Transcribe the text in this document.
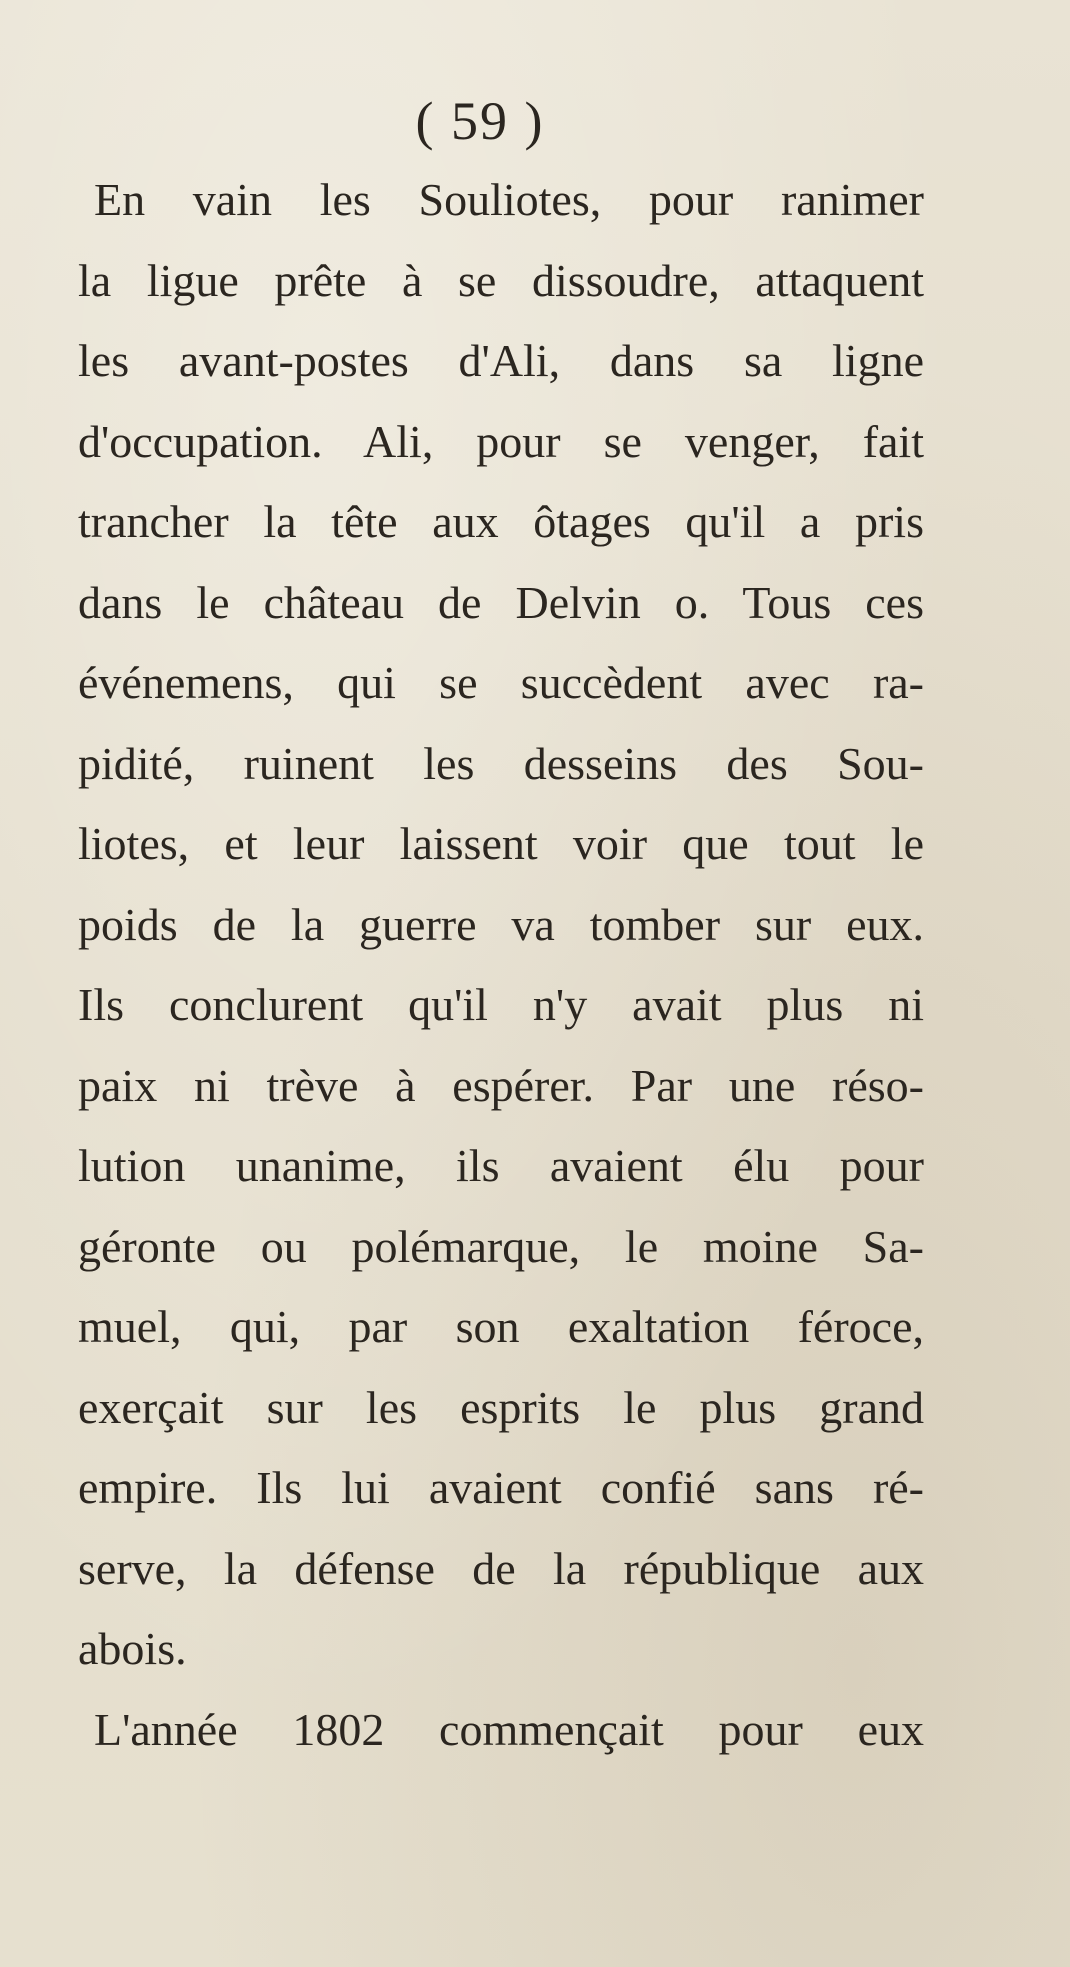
( 59 )
En vain les Souliotes, pour ranimer
la ligue prête à se dissoudre, attaquent
les avant-postes d'Ali, dans sa ligne
d'occupation. Ali, pour se venger, fait
trancher la tête aux ôtages qu'il a pris
dans le château de Delvin o. Tous ces
événemens, qui se succèdent avec ra-
pidité, ruinent les desseins des Sou-
liotes, et leur laissent voir que tout le
poids de la guerre va tomber sur eux.
Ils conclurent qu'il n'y avait plus ni
paix ni trève à espérer. Par une réso-
lution unanime, ils avaient élu pour
géronte ou polémarque, le moine Sa-
muel, qui, par son exaltation féroce,
exerçait sur les esprits le plus grand
empire. Ils lui avaient confié sans ré-
serve, la défense de la république aux
abois.
L'année 1802 commençait pour eux
